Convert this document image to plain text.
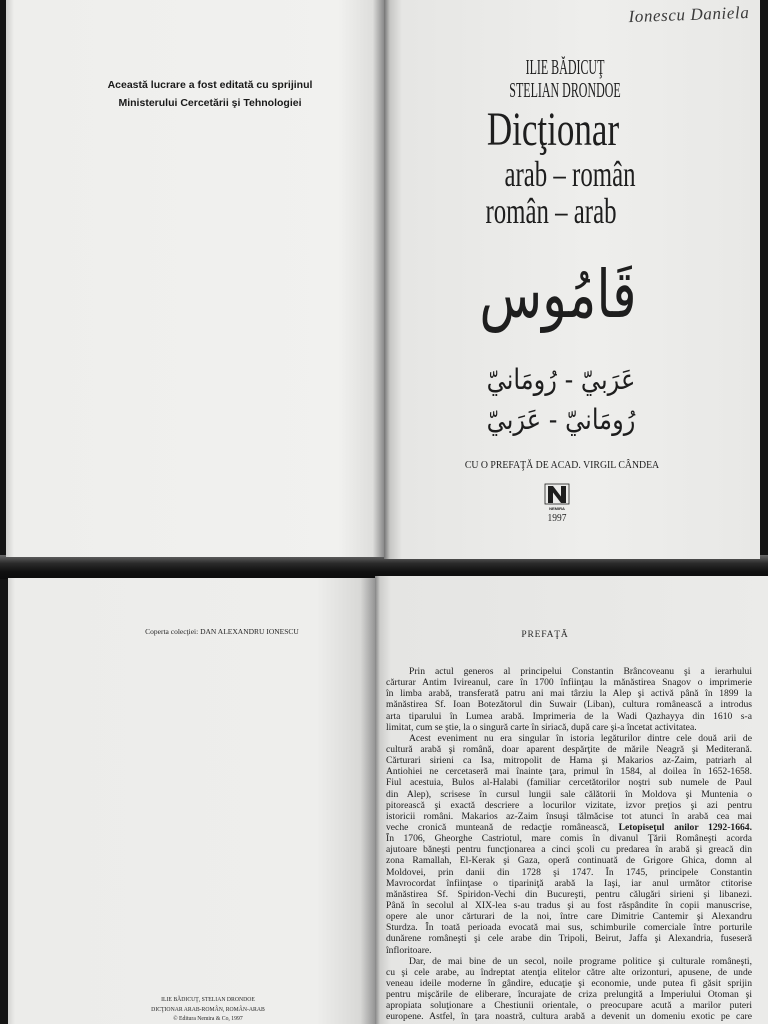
Această lucrare a fost editată cu sprijinul
Ministerului Cercetării şi Tehnologiei
Ionescu Daniela
ILIE BĂDICUŢ
STELIAN DRONDOE
Dicţionar
arab – român
român – arab
قَامُوس
عَرَبيّ - رُومَانيّ
رُومَانيّ - عَرَبيّ
CU O PREFAŢĂ DE ACAD. VIRGIL CÂNDEA
NEMIRA
1997
Coperta colecţiei: DAN ALEXANDRU IONESCU
ILIE BĂDICUŢ, STELIAN DRONDOE
DICŢIONAR ARAB-ROMÂN, ROMÂN-ARAB
© Editura Nemira & Co, 1997
PREFAŢĂ
Prin actul generos al principelui Constantin Brâncoveanu şi a ierarhului
cărturar Antim Ivireanul, care în 1700 înfiinţau la mănăstirea Snagov o imprimerie
în limba arabă, transferată patru ani mai târziu la Alep şi activă până în 1899 la
mănăstirea Sf. Ioan Botezătorul din Suwair (Liban), cultura românească a introdus
arta tiparului în Lumea arabă. Imprimeria de la Wadi Qazhayya din 1610 s-a
limitat, cum se ştie, la o singură carte în siriacă, după care şi-a încetat activitatea.
Acest eveniment nu era singular în istoria legăturilor dintre cele două arii de
cultură arabă şi română, doar aparent despărţite de mările Neagră şi Mediterană.
Cărturari sirieni ca Isa, mitropolit de Hama şi Makarios az-Zaim, patriarh al
Antiohiei ne cercetaseră mai înainte ţara, primul în 1584, al doilea în 1652-1658.
Fiul acestuia, Bulos al-Halabi (familiar cercetătorilor noştri sub numele de Paul
din Alep), scrisese în cursul lungii sale călătorii în Moldova şi Muntenia o
pitorească şi exactă descriere a locurilor vizitate, izvor preţios şi azi pentru
istoricii români. Makarios az-Zaim însuşi tălmăcise tot atunci în arabă cea mai
veche cronică munteană de redacţie românească, Letopiseţul anilor 1292-1664.
În 1706, Gheorghe Castriotul, mare comis în divanul Ţării Româneşti acorda
ajutoare băneşti pentru funcţionarea a cinci şcoli cu predarea în arabă şi greacă din
zona Ramallah, El-Kerak şi Gaza, operă continuată de Grigore Ghica, domn al
Moldovei, prin danii din 1728 şi 1747. În 1745, principele Constantin
Mavrocordat înfiinţase o tipariniţă arabă la Iaşi, iar anul următor ctitorise
mănăstirea Sf. Spiridon-Vechi din Bucureşti, pentru călugări sirieni şi libanezi.
Până în secolul al XIX-lea s-au tradus şi au fost răspândite în copii manuscrise,
opere ale unor cărturari de la noi, între care Dimitrie Cantemir şi Alexandru
Sturdza. În toată perioada evocată mai sus, schimburile comerciale între porturile
dunărene româneşti şi cele arabe din Tripoli, Beirut, Jaffa şi Alexandria, fuseseră
înfloritoare.
Dar, de mai bine de un secol, noile programe politice şi culturale româneşti,
cu şi cele arabe, au îndreptat atenţia elitelor către alte orizonturi, apusene, de unde
veneau ideile moderne în gândire, educaţie şi economie, unde putea fi găsit sprijin
pentru mişcările de eliberare, încurajate de criza prelungită a Imperiului Otoman şi
apropiata soluţionare a Chestiunii orientale, o preocupare acută a marilor puteri
europene. Astfel, în ţara noastră, cultura arabă a devenit un domeniu exotic pe care
